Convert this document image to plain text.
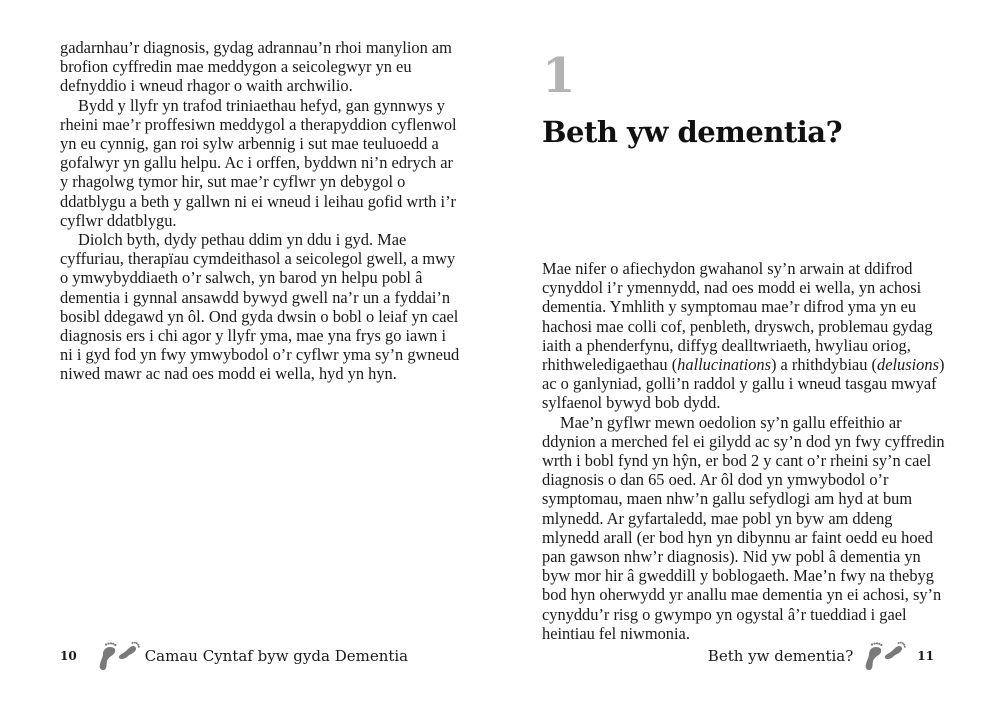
gadarnhau’r diagnosis, gydag adrannau’n rhoi manylion am brofion cyffredin mae meddygon a seicolegwyr yn eu defnyddio i wneud rhagor o waith archwilio.

Bydd y llyfr yn trafod triniaethau hefyd, gan gynnwys y rheini mae’r proffesiwn meddygol a therapyddion cyflenwol yn eu cynnig, gan roi sylw arbennig i sut mae teuluoedd a gofalwyr yn gallu helpu. Ac i orffen, byddwn ni’n edrych ar y rhagolwg tymor hir, sut mae’r cyflwr yn debygol o ddatblygu a beth y gallwn ni ei wneud i leihau gofid wrth i’r cyflwr ddatblygu.

Diolch byth, dydy pethau ddim yn ddu i gyd. Mae cyffuriau, therapïau cymdeithasol a seicolegol gwell, a mwy o ymwybyddiaeth o’r salwch, yn barod yn helpu pobl â dementia i gynnal ansawdd bywyd gwell na’r un a fyddai’n bosibl ddegawd yn ôl. Ond gyda dwsin o bobl o leiaf yn cael diagnosis ers i chi agor y llyfr yma, mae yna frys go iawn i ni i gyd fod yn fwy ymwybodol o’r cyflwr yma sy’n gwneud niwed mawr ac nad oes modd ei wella, hyd yn hyn.

10	Camau Cyntaf byw gyda Dementia
1
Beth yw dementia?

Mae nifer o afiechydon gwahanol sy’n arwain at ddifrod cynyddol i’r ymennydd, nad oes modd ei wella, yn achosi dementia. Ymhlith y symptomau mae’r difrod yma yn eu hachosi mae colli cof, penbleth, dryswch, problemau gydag iaith a phenderfynu, diffyg dealltwriaeth, hwyliau oriog, rhithweledigaethau (hallucinations) a rhithdybiau (delusions) ac o ganlyniad, golli’n raddol y gallu i wneud tasgau mwyaf sylfaenol bywyd bob dydd.

Mae’n gyflwr mewn oedolion sy’n gallu effeithio ar ddynion a merched fel ei gilydd ac sy’n dod yn fwy cyffredin wrth i bobl fynd yn hŷn, er bod 2 y cant o’r rheini sy’n cael diagnosis o dan 65 oed. Ar ôl dod yn ymwybodol o’r symptomau, maen nhw’n gallu sefydlogi am hyd at bum mlynedd. Ar gyfartaledd, mae pobl yn byw am ddeng mlynedd arall (er bod hyn yn dibynnu ar faint oedd eu hoed pan gawson nhw’r diagnosis). Nid yw pobl â dementia yn byw mor hir â gweddill y boblogaeth. Mae’n fwy na thebyg bod hyn oherwydd yr anallu mae dementia yn ei achosi, sy’n cynyddu’r risg o gwympo yn ogystal â’r tueddiad i gael heintiau fel niwmonia.

Beth yw dementia?	11
